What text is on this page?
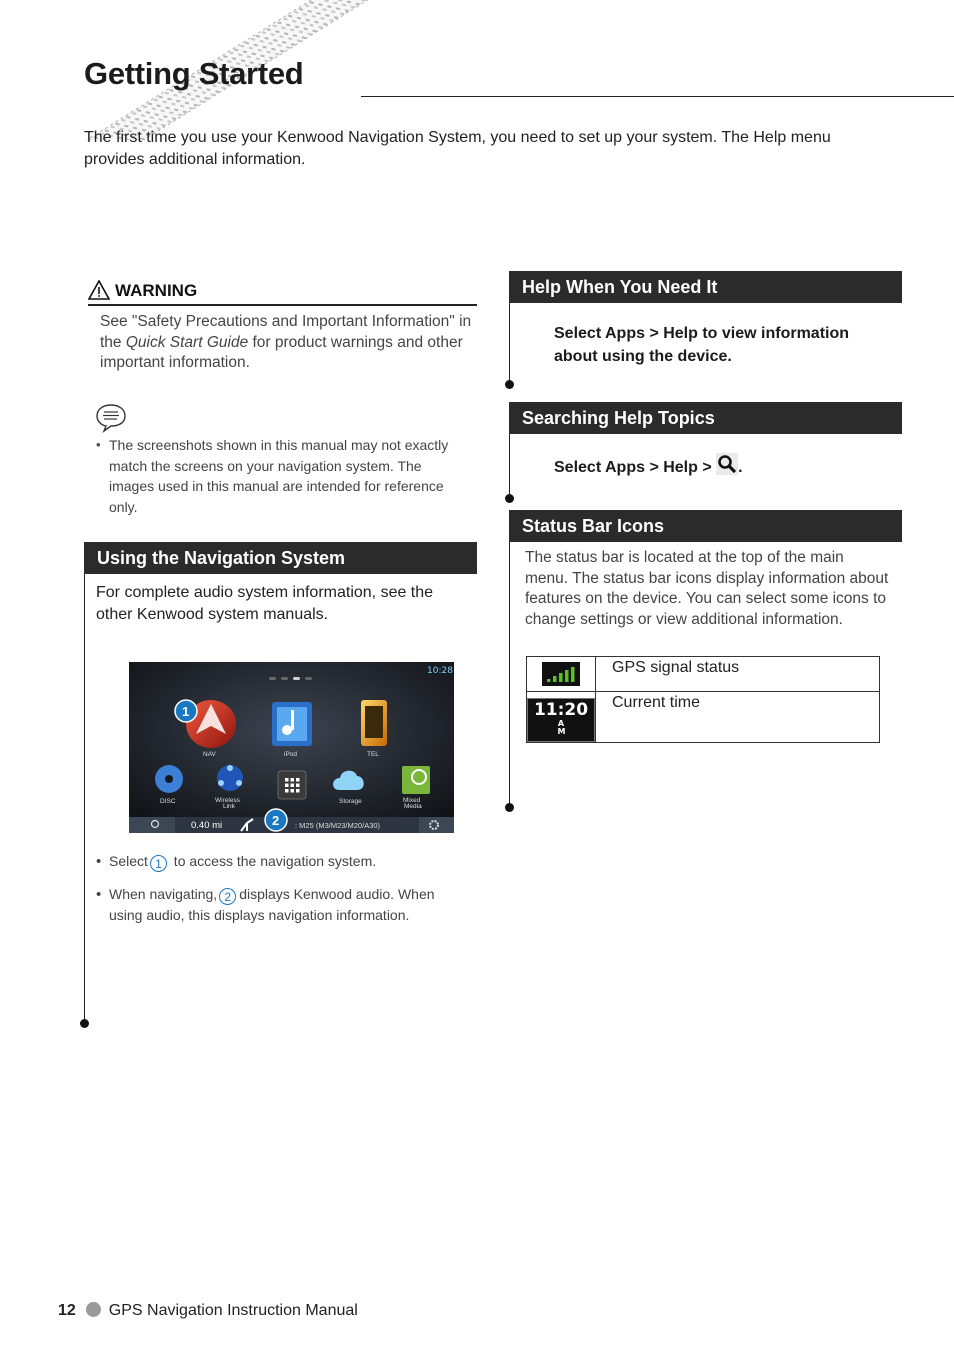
Getting Started
The first time you use your Kenwood Navigation System, you need to set up your system. The Help menu provides additional information.
WARNING
See "Safety Precautions and Important Information" in the Quick Start Guide for product warnings and other important information.
• The screenshots shown in this manual may not exactly match the screens on your navigation system. The images used in this manual are intended for reference only.
Using the Navigation System
For complete audio system information, see the other Kenwood system manuals.
10:28
NAV	iPod	TEL
DISC	Wireless
Link
Storage	Mixed
Media
0.40 mi	: M25 (M3/M23/M20/A30)
1
2
• Select 1 to access the navigation system.
• When navigating, 2 displays Kenwood audio. When using audio, this displays navigation information.
Help When You Need It
Select Apps > Help to view information about using the device.
Searching Help Topics
Select Apps > Help > .
Status Bar Icons
The status bar is located at the top of the main menu. The status bar icons display information about features on the device. You can select some icons to change settings or view additional information.
	GPS signal status
11:20A
M	Current time
12 GPS Navigation Instruction Manual
